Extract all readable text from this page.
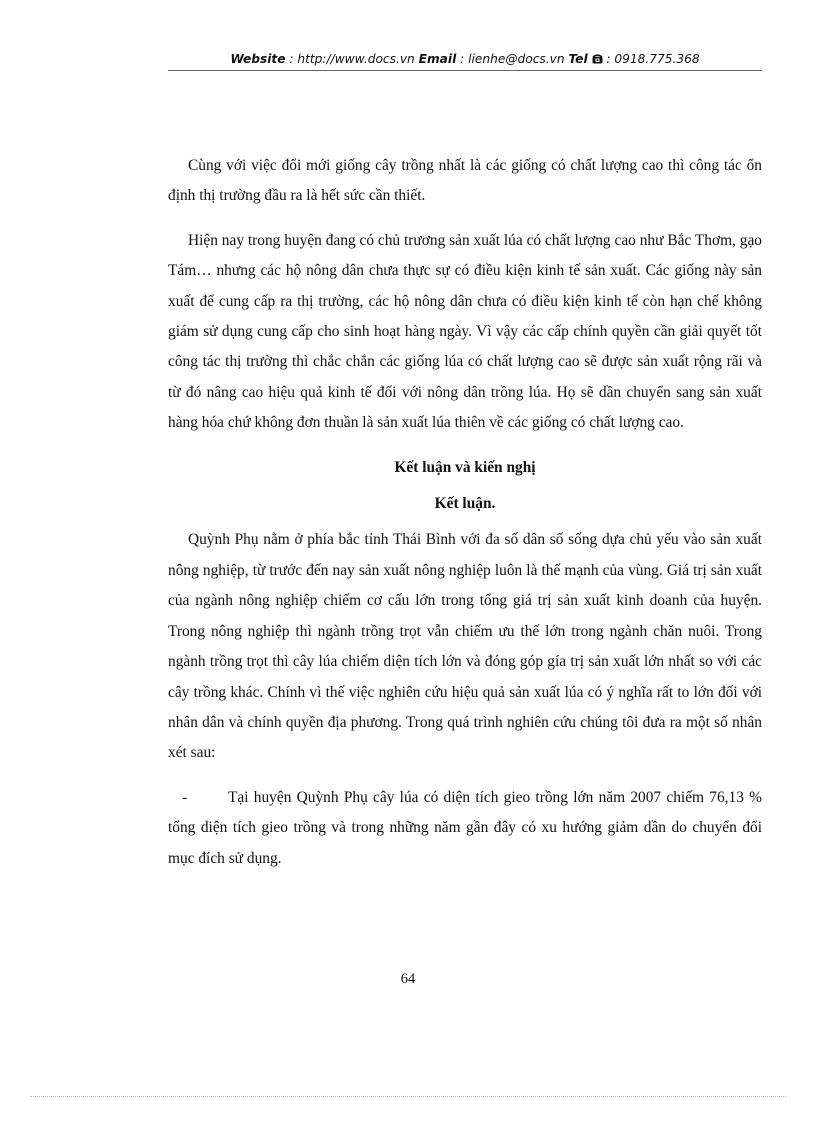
Website : http://www.docs.vn Email : lienhe@docs.vn Tel  : 0918.775.368

Cùng với việc đổi mới giống cây trồng nhất là các giống có chất lượng cao thì công tác ổn định thị trường đầu ra là hết sức cần thiết.

Hiện nay trong huyện đang có chủ trương sản xuất lúa có chất lượng cao như Bắc Thơm, gạo Tám… nhưng các hộ nông dân chưa thực sự có điều kiện kinh tế sản xuất. Các giống này sản xuất để cung cấp ra thị trường, các hộ nông dân chưa có điều kiện kinh tế còn hạn chế không giám sử dụng cung cấp cho sinh hoạt hàng ngày. Vì vậy các cấp chính quyền cần giải quyết tốt công tác thị trường thì chắc chắn các giống lúa có chất lượng cao sẽ được sản xuất rộng rãi và từ đó nâng cao hiệu quả kinh tế đối với nông dân trồng lúa. Họ sẽ dần chuyển sang sản xuất hàng hóa chứ không đơn thuần là sản xuất lúa thiên về các giống có chất lượng cao.

Kết luận và kiến nghị
Kết luận.

Quỳnh Phụ nằm ở phía bắc tỉnh Thái Bình với đa số dân số sống dựa chủ yếu vào sản xuất nông nghiệp, từ trước đến nay sản xuất nông nghiệp luôn là thế mạnh của vùng. Giá trị sản xuất của ngành nông nghiệp chiếm cơ cấu lớn trong tổng giá trị sản xuất kinh doanh của huyện. Trong nông nghiệp thì ngành trồng trọt vẫn chiếm ưu thế lớn trong ngành chăn nuôi. Trong ngành trồng trọt thì cây lúa chiếm diện tích lớn và đóng góp gía trị sản xuất lớn nhất so với các cây trồng khác. Chính vì thế việc nghiên cứu hiệu quả sản xuất lúa có ý nghĩa rất to lớn đối với nhân dân và chính quyền địa phương. Trong quá trình nghiên cứu chúng tôi đưa ra một số nhân xét sau:

-	Tại huyện Quỳnh Phụ cây lúa có diện tích gieo trồng lớn năm 2007 chiếm 76,13 % tổng diện tích gieo trồng và trong những năm gần đây có xu hướng giảm dần do chuyển đổi mục đích sử dụng.
64
